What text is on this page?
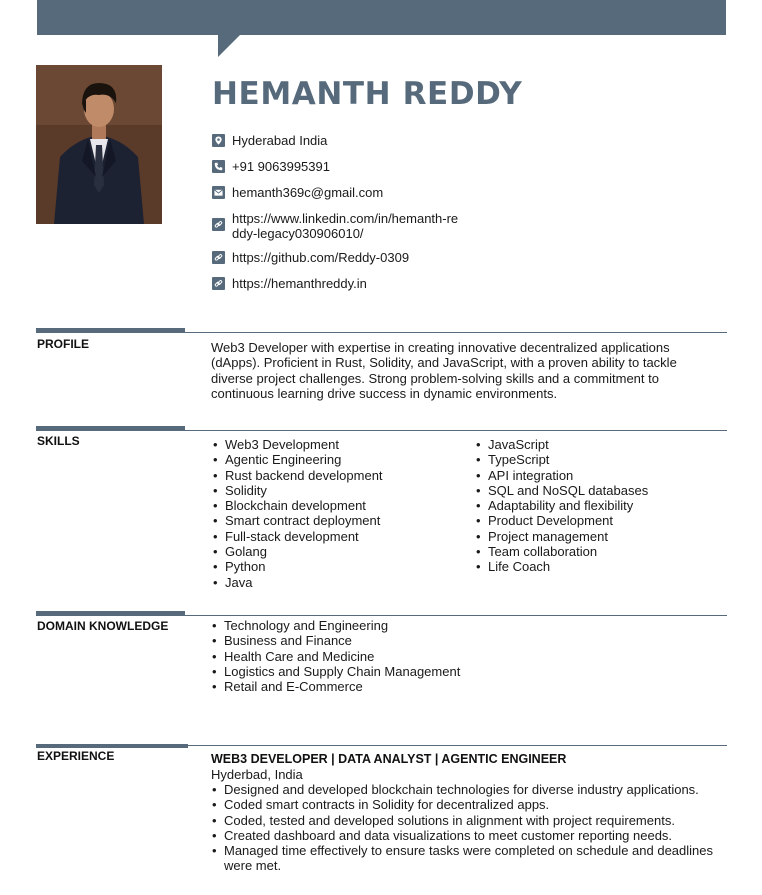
HEMANTH REDDY
Hyderabad India
+91 9063995391
hemanth369c@gmail.com
https://www.linkedin.com/in/hemanth-reddy-legacy030906010/
https://github.com/Reddy-0309
https://hemanthreddy.in
PROFILE	Web3 Developer with expertise in creating innovative decentralized applications (dApps). Proficient in Rust, Solidity, and JavaScript, with a proven ability to tackle diverse project challenges. Strong problem-solving skills and a commitment to continuous learning drive success in dynamic environments.

SKILLS	• Web3 Development
• Agentic Engineering
• Rust backend development
• Solidity
• Blockchain development
• Smart contract deployment
• Full-stack development
• Golang
• Python
• Java
• JavaScript
• TypeScript
• API integration
• SQL and NoSQL databases
• Adaptability and flexibility
• Product Development
• Project management
• Team collaboration
• Life Coach
DOMAIN KNOWLEDGE	• Technology and Engineering
• Business and Finance
• Health Care and Medicine
• Logistics and Supply Chain Management
• Retail and E-Commerce
EXPERIENCE	WEB3 DEVELOPER | DATA ANALYST | AGENTIC ENGINEER

Hyderbad, India

• Designed and developed blockchain technologies for diverse industry applications.
• Coded smart contracts in Solidity for decentralized apps.
• Coded, tested and developed solutions in alignment with project requirements.
• Created dashboard and data visualizations to meet customer reporting needs.
• Managed time effectively to ensure tasks were completed on schedule and deadlines were met.
